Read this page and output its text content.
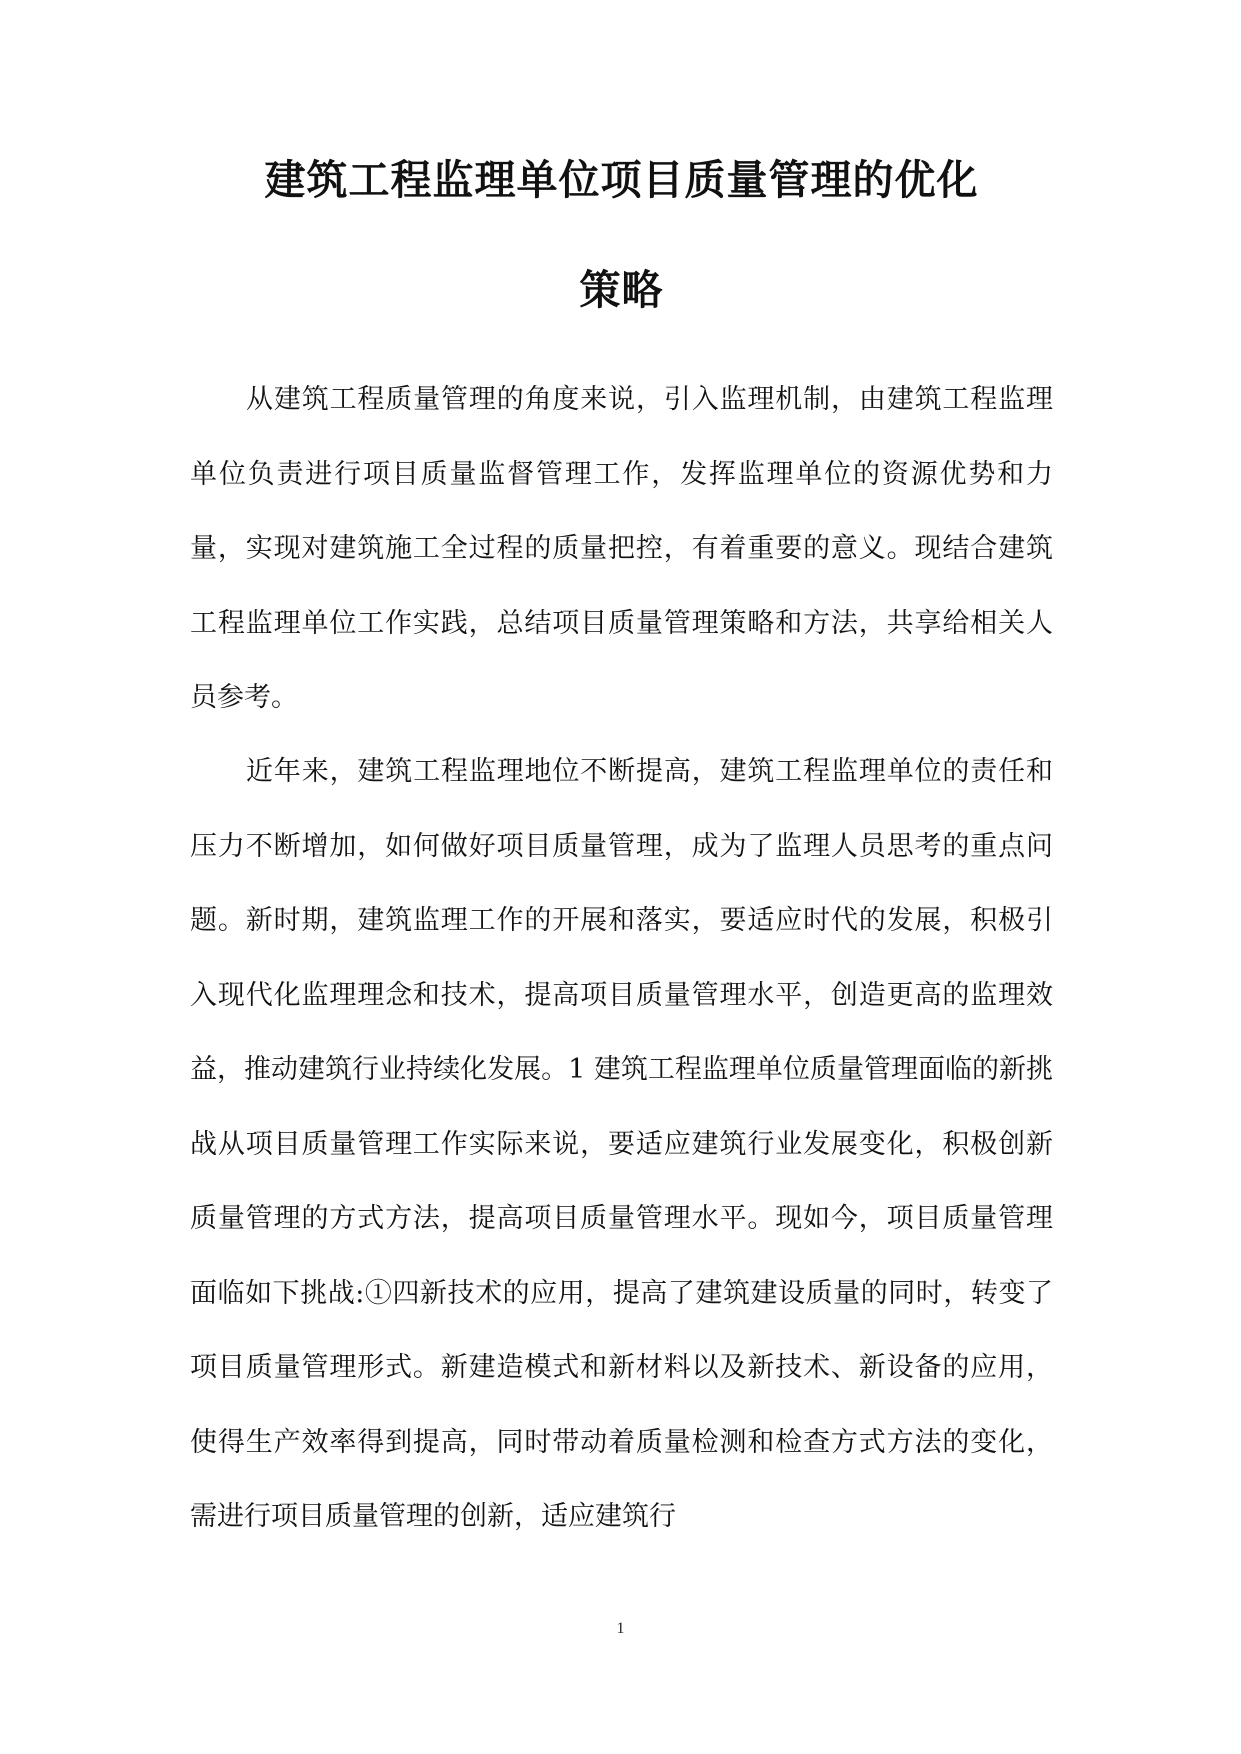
建筑工程监理单位项目质量管理的优化
策略

从建筑工程质量管理的角度来说，引入监理机制，由建筑工程监理单位负责进行项目质量监督管理工作，发挥监理单位的资源优势和力量，实现对建筑施工全过程的质量把控，有着重要的意义。现结合建筑工程监理单位工作实践，总结项目质量管理策略和方法，共享给相关人员参考。

近年来，建筑工程监理地位不断提高，建筑工程监理单位的责任和压力不断增加，如何做好项目质量管理，成为了监理人员思考的重点问题。新时期，建筑监理工作的开展和落实，要适应时代的发展，积极引入现代化监理理念和技术，提高项目质量管理水平，创造更高的监理效益，推动建筑行业持续化发展。1 建筑工程监理单位质量管理面临的新挑战从项目质量管理工作实际来说，要适应建筑行业发展变化，积极创新质量管理的方式方法，提高项目质量管理水平。现如今，项目质量管理面临如下挑战:①四新技术的应用，提高了建筑建设质量的同时，转变了项目质量管理形式。新建造模式和新材料以及新技术、新设备的应用，使得生产效率得到提高，同时带动着质量检测和检查方式方法的变化，需进行项目质量管理的创新，适应建筑行

1
